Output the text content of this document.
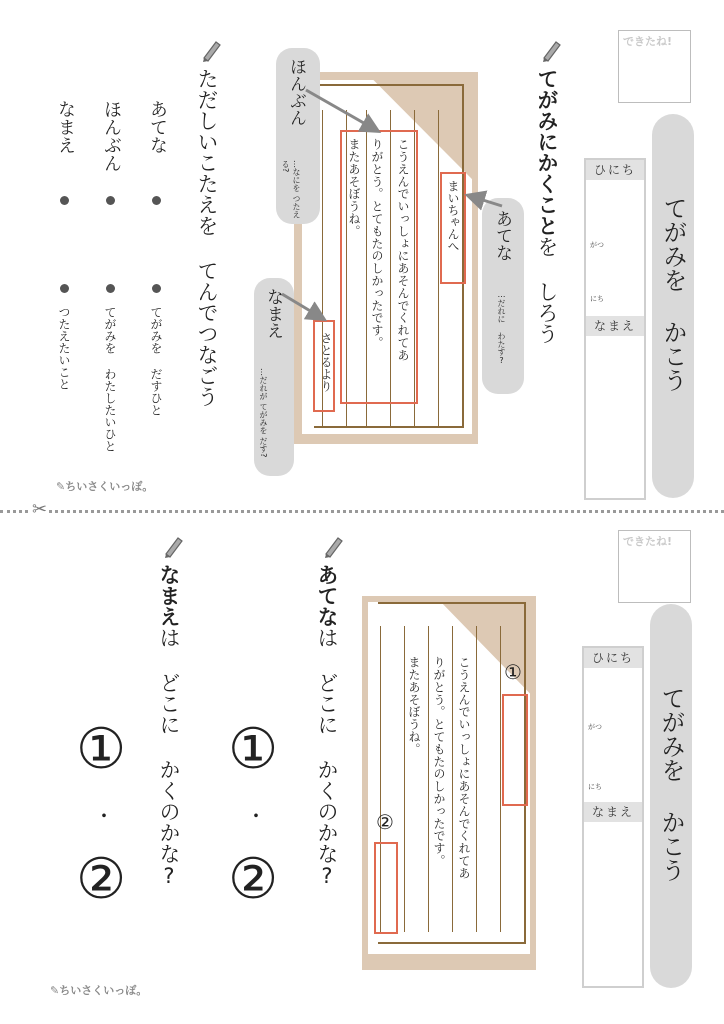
できたね!
てがみを かこう
ひにち
がつ
にち
なまえ
てがみにかくことを しろう
こうえんでいっしょにあそんでくれてあ
りがとう。とてもたのしかったです。
またあそぼうね。	まいちゃんへ
さとるより
ほんぶん
…なにを つたえる?
あてな
…だれに わたす?
なまえ
…だれが てがみを だす?
ただしいこたえを てんでつなごう
あてな
ほんぶん
なまえ
てがみを だすひと
てがみを わたしたいひと
つたえたいこと
✎ちいさくいっぽ。
✂
できたね!
てがみを かこう
ひにち
がつ
にち
なまえ
こうえんでいっしょにあそんでくれてあ
りがとう。とてもたのしかったです。
またあそぼうね。	①
②
あてなは どこに かくのかな?
①
・
②
なまえは どこに かくのかな?
①
・
②
✎ちいさくいっぽ。
